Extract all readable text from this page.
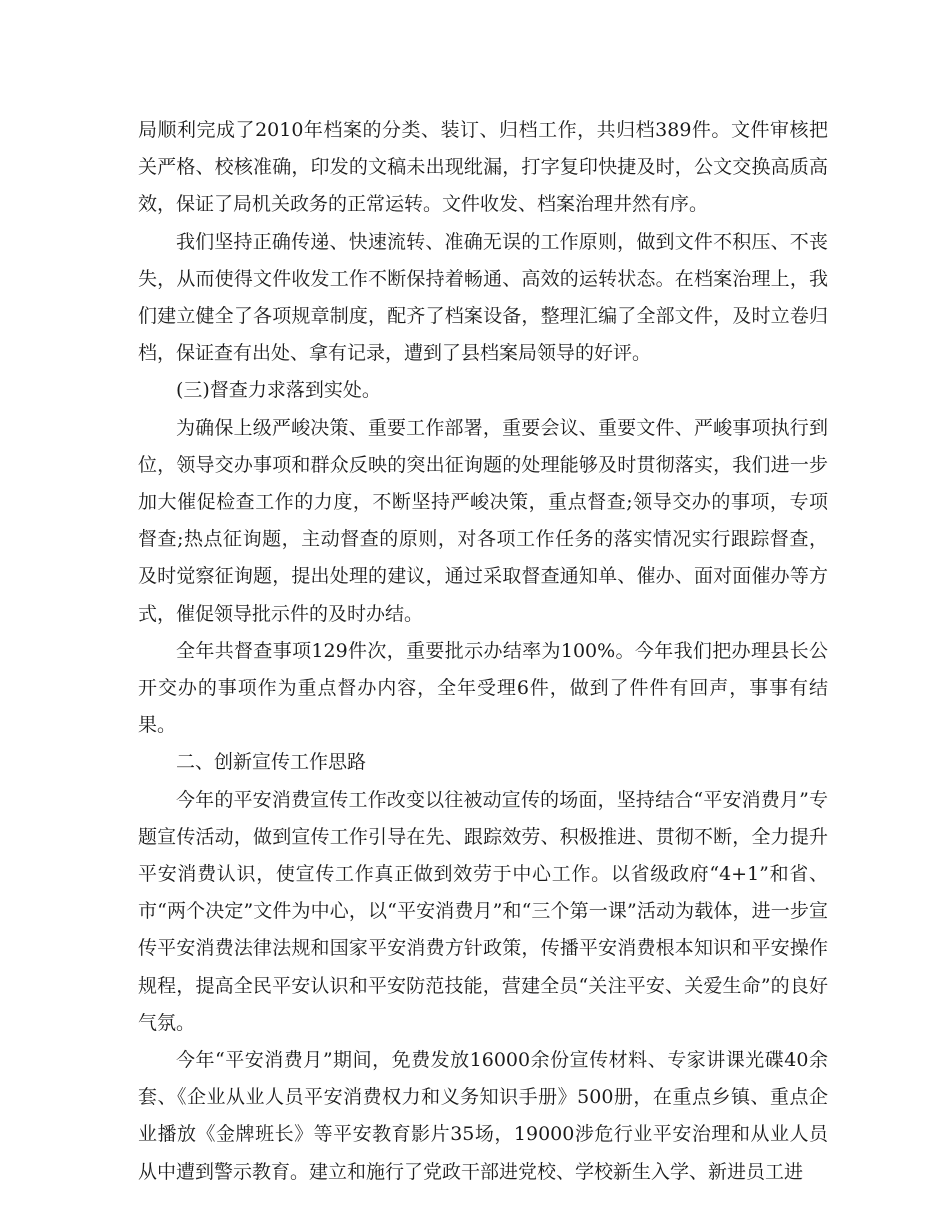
局顺利完成了2010年档案的分类、装订、归档工作，共归档389件。文件审核把关严格、校核准确，印发的文稿未出现纰漏，打字复印快捷及时，公文交换高质高效，保证了局机关政务的正常运转。文件收发、档案治理井然有序。

我们坚持正确传递、快速流转、准确无误的工作原则，做到文件不积压、不丧失，从而使得文件收发工作不断保持着畅通、高效的运转状态。在档案治理上，我们建立健全了各项规章制度，配齐了档案设备，整理汇编了全部文件，及时立卷归档，保证查有出处、拿有记录，遭到了县档案局领导的好评。

(三)督查力求落到实处。

为确保上级严峻决策、重要工作部署，重要会议、重要文件、严峻事项执行到位，领导交办事项和群众反映的突出征询题的处理能够及时贯彻落实，我们进一步加大催促检查工作的力度，不断坚持严峻决策，重点督查;领导交办的事项，专项督查;热点征询题，主动督查的原则，对各项工作任务的落实情况实行跟踪督查，及时觉察征询题，提出处理的建议，通过采取督查通知单、催办、面对面催办等方式，催促领导批示件的及时办结。

全年共督查事项129件次，重要批示办结率为100%。今年我们把办理县长公开交办的事项作为重点督办内容，全年受理6件，做到了件件有回声，事事有结果。

二、创新宣传工作思路

今年的平安消费宣传工作改变以往被动宣传的场面，坚持结合“平安消费月”专题宣传活动，做到宣传工作引导在先、跟踪效劳、积极推进、贯彻不断，全力提升平安消费认识，使宣传工作真正做到效劳于中心工作。以省级政府“4+1”和省、市“两个决定”文件为中心，以“平安消费月”和“三个第一课”活动为载体，进一步宣传平安消费法律法规和国家平安消费方针政策，传播平安消费根本知识和平安操作规程，提高全民平安认识和平安防范技能，营建全员“关注平安、关爱生命”的良好气氛。

今年“平安消费月”期间，免费发放16000余份宣传材料、专家讲课光碟40余套、《企业从业人员平安消费权力和义务知识手册》500册，在重点乡镇、重点企业播放《金牌班长》等平安教育影片35场，19000涉危行业平安治理和从业人员从中遭到警示教育。建立和施行了党政干部进党校、学校新生入学、新进员工进
